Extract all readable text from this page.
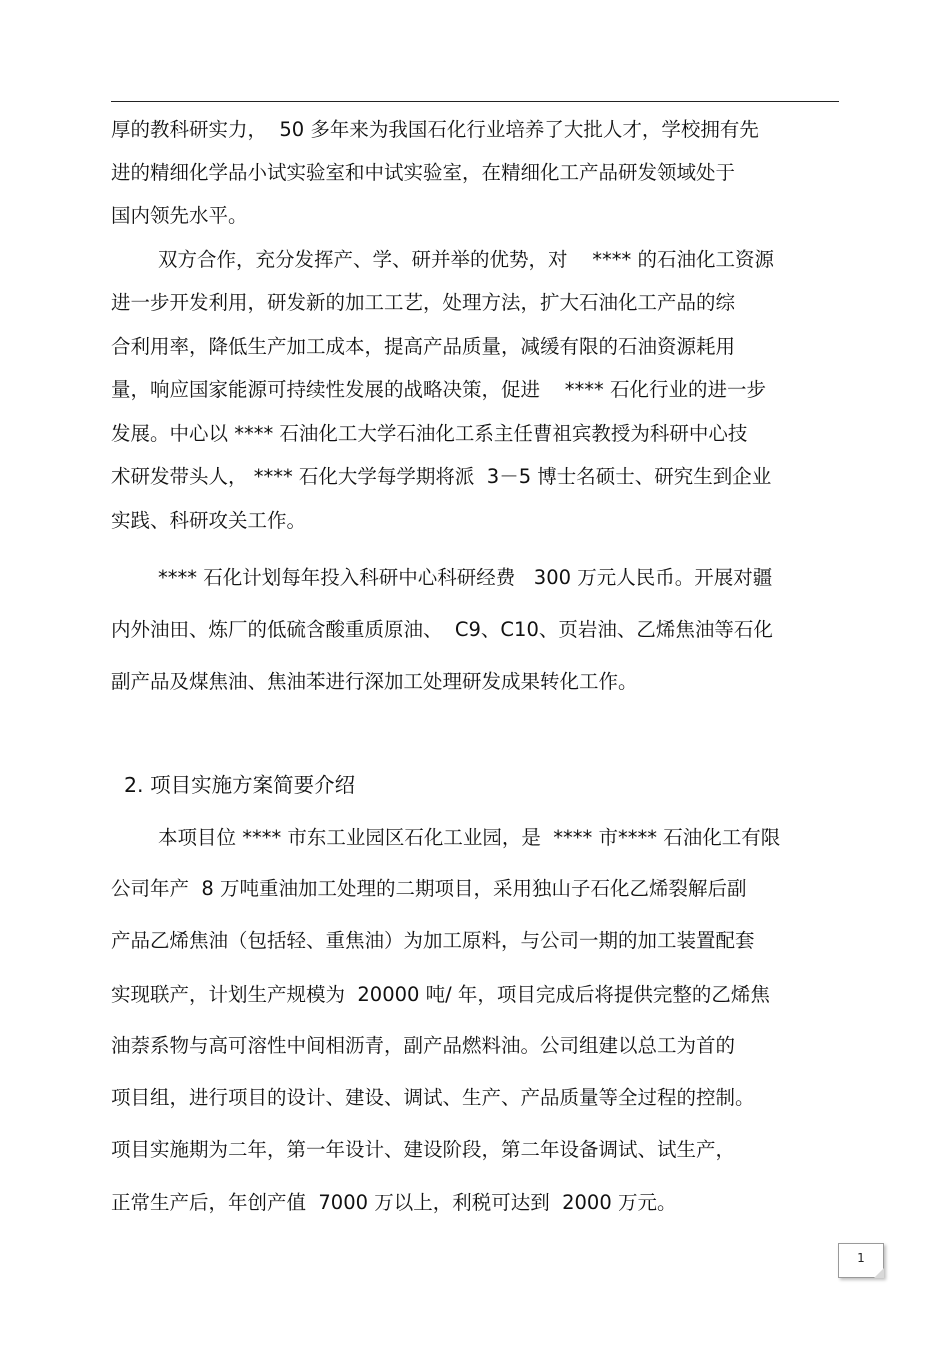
厚的教科研实力，  50 多年来为我国石化行业培养了大批人才，学校拥有先
进的精细化学品小试实验室和中试实验室，在精细化工产品研发领域处于
国内领先水平。
双方合作，充分发挥产、学、研并举的优势，对    **** 的石油化工资源
进一步开发利用，研发新的加工工艺，处理方法，扩大石油化工产品的综
合利用率，降低生产加工成本，提高产品质量，减缓有限的石油资源耗用
量，响应国家能源可持续性发展的战略决策，促进    **** 石化行业的进一步
发展。中心以 **** 石油化工大学石油化工系主任曹祖宾教授为科研中心技
术研发带头人， **** 石化大学每学期将派  3－5 博士名硕士、研究生到企业
实践、科研攻关工作。
**** 石化计划每年投入科研中心科研经费   300 万元人民币。开展对疆
内外油田、炼厂的低硫含酸重质原油、  C9、C10、页岩油、乙烯焦油等石化
副产品及煤焦油、焦油苯进行深加工处理研发成果转化工作。
2. 项目实施方案简要介绍
本项目位 **** 市东工业园区石化工业园，是  **** 市**** 石油化工有限
公司年产  8 万吨重油加工处理的二期项目，采用独山子石化乙烯裂解后副
产品乙烯焦油（包括轻、重焦油）为加工原料，与公司一期的加工装置配套
实现联产，计划生产规模为  20000 吨/ 年，项目完成后将提供完整的乙烯焦
油萘系物与高可溶性中间相沥青，副产品燃料油。公司组建以总工为首的
项目组，进行项目的设计、建设、调试、生产、产品质量等全过程的控制。
项目实施期为二年，第一年设计、建设阶段，第二年设备调试、试生产，
正常生产后，年创产值  7000 万以上，利税可达到  2000 万元。
1
